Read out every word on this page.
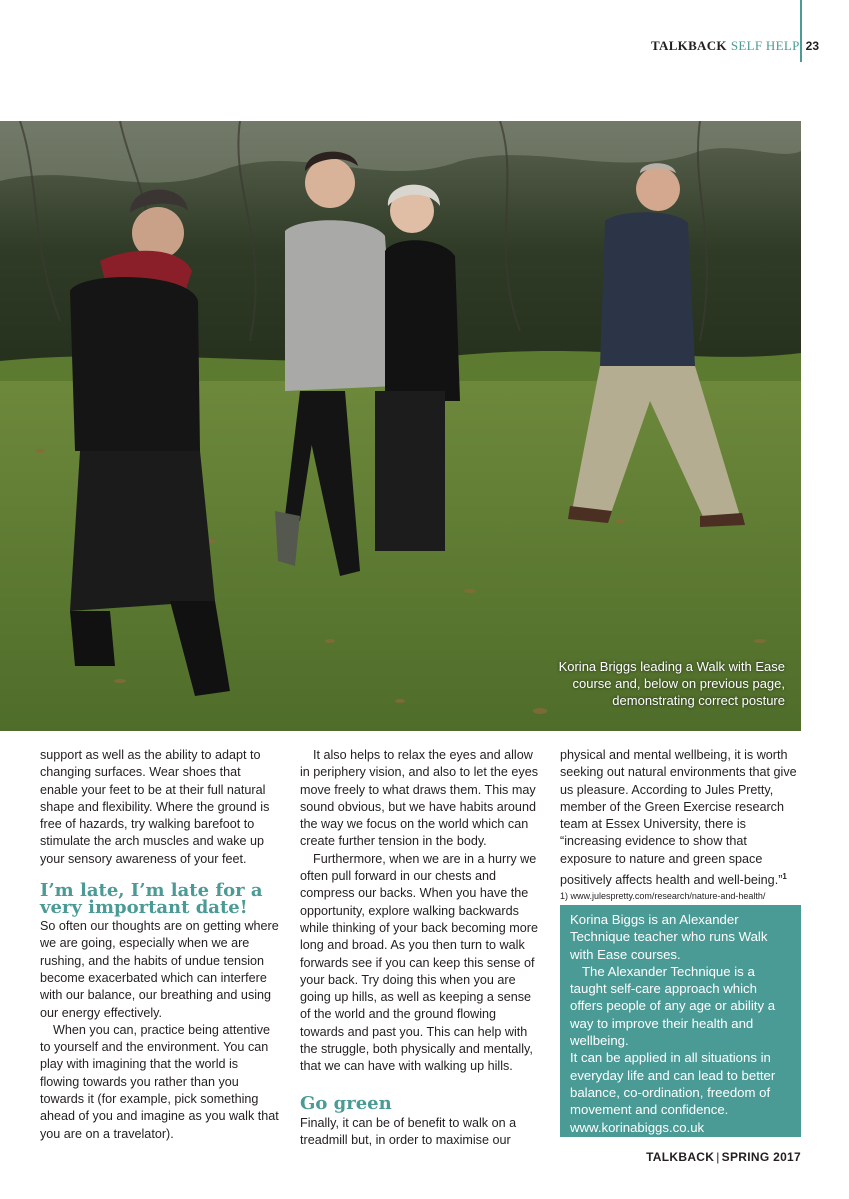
TALKBACK SELF HELP 23
Korina Briggs leading a Walk with Ease
course and, below on previous page,
demonstrating correct posture

support as well as the ability to adapt to changing surfaces. Wear shoes that enable your feet to be at their full natural shape and flexibility. Where the ground is free of hazards, try walking barefoot to stimulate the arch muscles and wake up your sensory awareness of your feet.

I’m late, I’m late for a very important date!

So often our thoughts are on getting where we are going, especially when we are rushing, and the habits of undue tension become exacerbated which can interfere with our balance, our breathing and using our energy effectively.

When you can, practice being attentive to yourself and the environment. You can play with imagining that the world is flowing towards you rather than you towards it (for example, pick something ahead of you and imagine as you walk that you are on a travelator).

It also helps to relax the eyes and allow in periphery vision, and also to let the eyes move freely to what draws them. This may sound obvious, but we have habits around the way we focus on the world which can create further tension in the body.

Furthermore, when we are in a hurry we often pull forward in our chests and compress our backs. When you have the opportunity, explore walking backwards while thinking of your back becoming more long and broad. As you then turn to walk forwards see if you can keep this sense of your back. Try doing this when you are going up hills, as well as keeping a sense of the world and the ground flowing towards and past you. This can help with the struggle, both physically and mentally, that we can have with walking up hills.

Go green

Finally, it can be of benefit to walk on a treadmill but, in order to maximise our

physical and mental wellbeing, it is worth seeking out natural environments that give us pleasure. According to Jules Pretty, member of the Green Exercise research team at Essex University, there is “increasing evidence to show that exposure to nature and green space positively affects health and well-being.”$^1$

1) www.julespretty.com/research/nature-and-health/

Korina Biggs is an Alexander Technique teacher who runs Walk with Ease courses.

The Alexander Technique is a taught self-care approach which offers people of any age or ability a way to improve their health and wellbeing.

It can be applied in all situations in everyday life and can lead to better balance, co-ordination, freedom of movement and confidence.

www.korinabiggs.co.uk

www.alexandertechnique.co.uk

TALKBACK | SPRING 2017
